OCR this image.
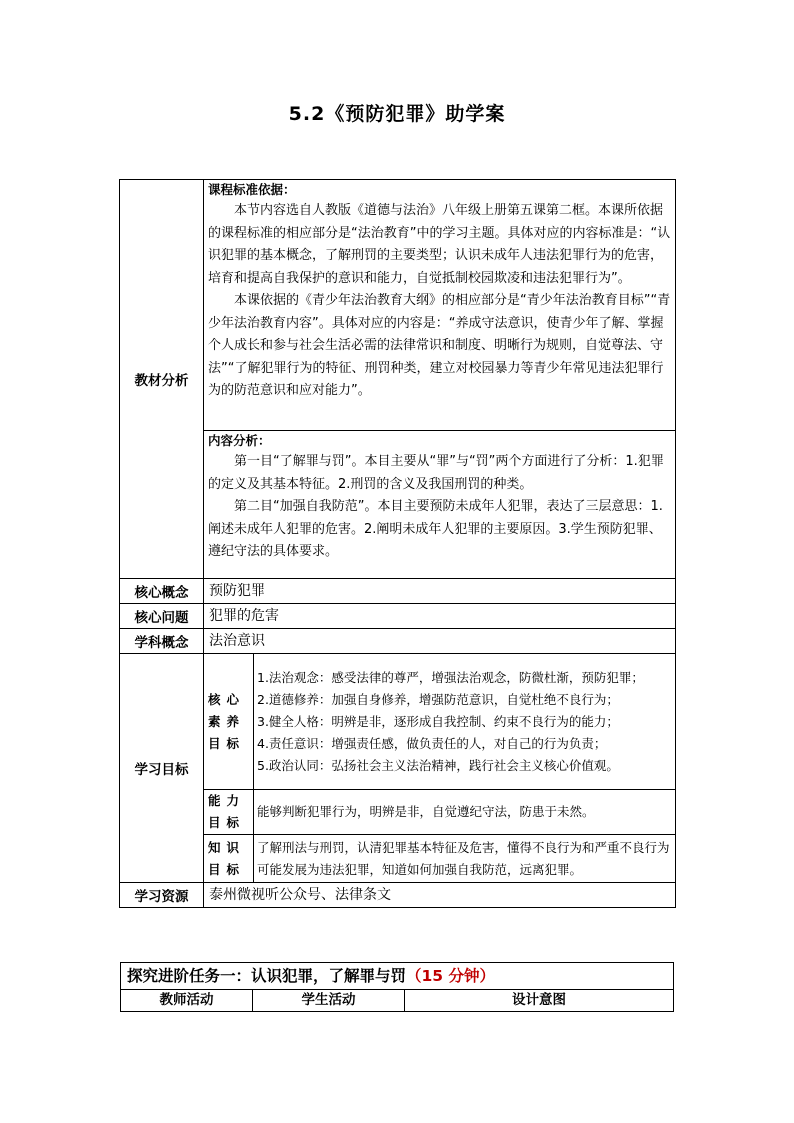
5.2《预防犯罪》助学案
教材分析	课程标准依据：

本节内容选自人教版《道德与法治》八年级上册第五课第二框。本课所依据的课程标准的相应部分是“法治教育”中的学习主题。具体对应的内容标准是：“认识犯罪的基本概念，了解刑罚的主要类型；认识未成年人违法犯罪行为的危害，培育和提高自我保护的意识和能力，自觉抵制校园欺凌和违法犯罪行为”。

本课依据的《青少年法治教育大纲》的相应部分是“青少年法治教育目标”“青少年法治教育内容”。具体对应的内容是：“养成守法意识，使青少年了解、掌握个人成长和参与社会生活必需的法律常识和制度、明晰行为规则，自觉尊法、守法”“了解犯罪行为的特征、刑罚种类，建立对校园暴力等青少年常见违法犯罪行为的防范意识和应对能力”。	

	内容分析：

第一目“了解罪与罚”。本目主要从“罪”与“罚”两个方面进行了分析：1.犯罪的定义及其基本特征。2.刑罚的含义及我国刑罚的种类。

第二目“加强自我防范”。本目主要预防未成年人犯罪，表达了三层意思：1.阐述未成年人犯罪的危害。2.阐明未成年人犯罪的主要原因。3.学生预防犯罪、遵纪守法的具体要求。	

核心概念	预防犯罪	
核心问题	犯罪的危害	
学科概念	法治意识	
学习目标	核心素养目标	1.法治观念：感受法律的尊严，增强法治观念，防微杜渐，预防犯罪；
2.道德修养：加强自身修养，增强防范意识，自觉杜绝不良行为；
3.健全人格：明辨是非，逐形成自我控制、约束不良行为的能力；
4.责任意识：增强责任感，做负责任的人，对自己的行为负责；
5.政治认同：弘扬社会主义法治精神，践行社会主义核心价值观。

	能力目标	能够判断犯罪行为，明辨是非，自觉遵纪守法，防患于未然。
	知识目标	了解刑法与刑罚，认清犯罪基本特征及危害，懂得不良行为和严重不良行为可能发展为违法犯罪，知道如何加强自我防范，远离犯罪。
学习资源	泰州微视听公众号、法律条文	
探究进阶任务一：认识犯罪，了解罪与罚（15 分钟）
教师活动	学生活动	设计意图
